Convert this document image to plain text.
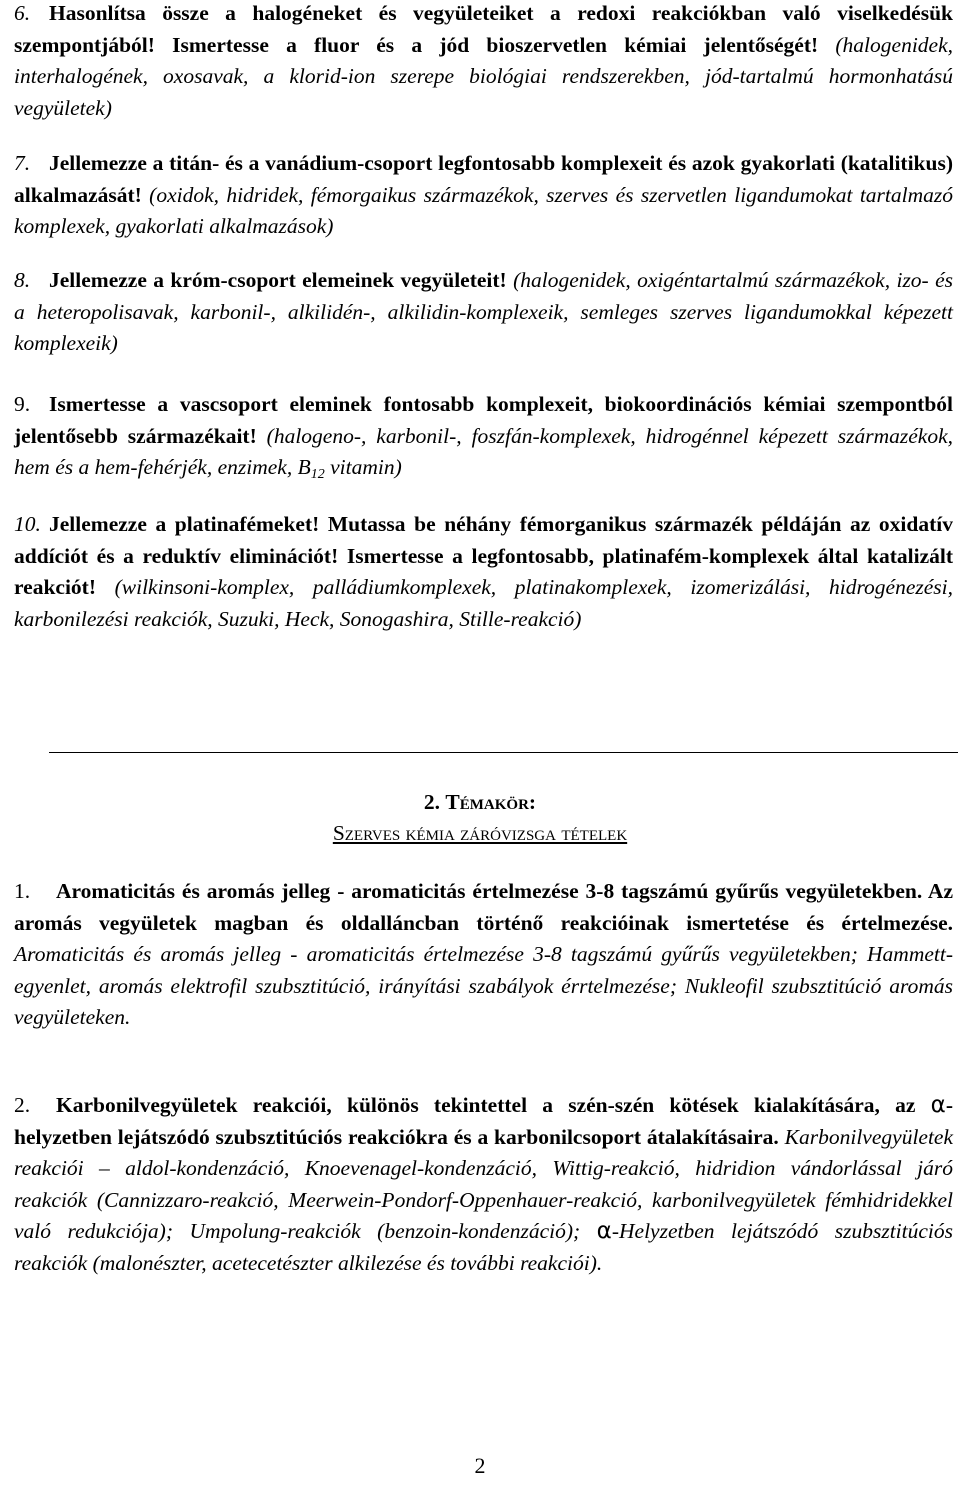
6. Hasonlítsa össze a halogéneket és vegyületeiket a redoxi reakciókban való viselkedésük szempontjából! Ismertesse a fluor és a jód bioszervetlen kémiai jelentőségét! (halogenidek, interhalogének, oxosavak, a klorid-ion szerepe biológiai rendszerekben, jód-tartalmú hormonhatású vegyületek)
7. Jellemezze a titán- és a vanádium-csoport legfontosabb komplexeit és azok gyakorlati (katalitikus) alkalmazását! (oxidok, hidridek, fémorgaikus származékok, szerves és szervetlen ligandumokat tartalmazó komplexek, gyakorlati alkalmazások)
8. Jellemezze a króm-csoport elemeinek vegyületeit! (halogenidek, oxigéntartalmú származékok, izo- és a heteropolisavak, karbonil-, alkilidén-, alkilidin-komplexeik, semleges szerves ligandumokkal képezett komplexeik)
9. Ismertesse a vascsoport eleminek fontosabb komplexeit, biokoordinációs kémiai szempontból jelentősebb származékait! (halogeno-, karbonil-, foszfán-komplexek, hidrogénnel képezett származékok, hem és a hem-fehérjék, enzimek, $B_{12}$ vitamin)
10. Jellemezze a platinafémeket! Mutassa be néhány fémorganikus származék példáján az oxidatív addíciót és a reduktív eliminációt! Ismertesse a legfontosabb, platinafém-komplexek által katalizált reakciót! (wilkinsoni-komplex, palládiumkomplexek, platinakomplexek, izomerizálási, hidrogénezési, karbonilezési reakciók, Suzuki, Heck, Sonogashira, Stille-reakció)
2. Témakör:
Szerves kémia záróvizsga tételek
1. Aromaticitás és aromás jelleg - aromaticitás értelmezése 3-8 tagszámú gyűrűs vegyületekben. Az aromás vegyületek magban és oldalláncban történő reakcióinak ismertetése és értelmezése. Aromaticitás és aromás jelleg - aromaticitás értelmezése 3-8 tagszámú gyűrűs vegyületekben; Hammett-egyenlet, aromás elektrofil szubsztitúció, irányítási szabályok érrtelmezése; Nukleofil szubsztitúció aromás vegyületeken.
2. Karbonilvegyületek reakciói, különös tekintettel a szén-szén kötések kialakítására, az α-helyzetben lejátszódó szubsztitúciós reakciókra és a karbonilcsoport átalakításaira. Karbonilvegyületek reakciói – aldol-kondenzáció, Knoevenagel-kondenzáció, Wittig-reakció, hidridion vándorlással járó reakciók (Cannizzaro-reakció, Meerwein-Pondorf-Oppenhauer-reakció, karbonilvegyületek fémhidridekkel való redukciója); Umpolung-reakciók (benzoin-kondenzáció); α-Helyzetben lejátszódó szubsztitúciós reakciók (malonészter, acetecetészter alkilezése és további reakciói).
2
